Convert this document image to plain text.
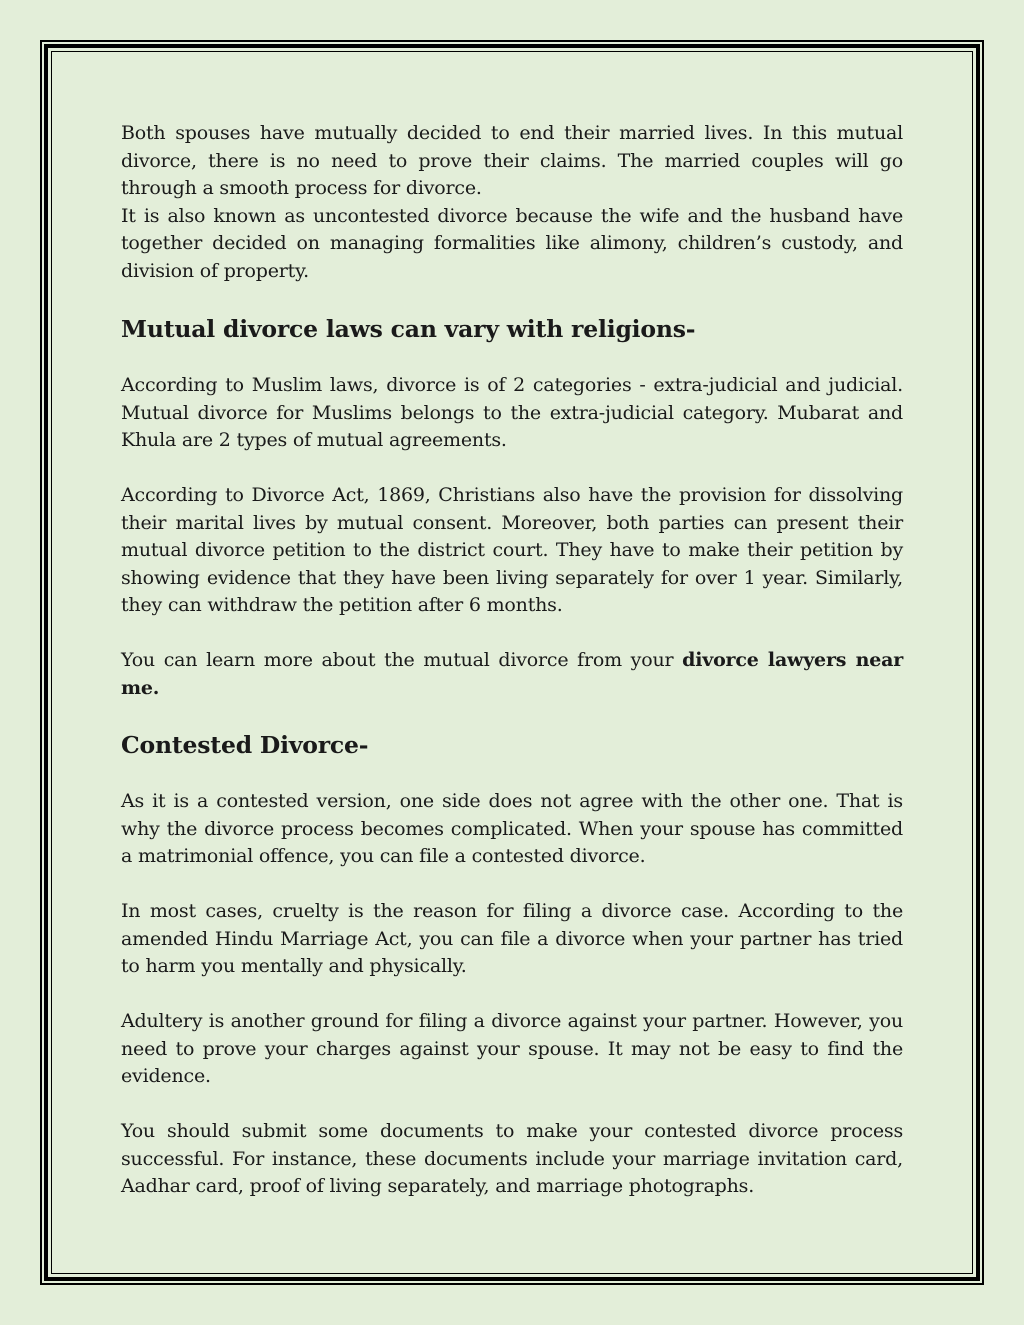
Both spouses have mutually decided to end their married lives. In this mutual divorce, there is no need to prove their claims. The married couples will go through a smooth process for divorce.

It is also known as uncontested divorce because the wife and the husband have together decided on managing formalities like alimony, children’s custody, and division of property.

Mutual divorce laws can vary with religions-

According to Muslim laws, divorce is of 2 categories - extra-judicial and judicial. Mutual divorce for Muslims belongs to the extra-judicial category. Mubarat and Khula are 2 types of mutual agreements.

According to Divorce Act, 1869, Christians also have the provision for dissolving their marital lives by mutual consent. Moreover, both parties can present their mutual divorce petition to the district court. They have to make their petition by showing evidence that they have been living separately for over 1 year. Similarly, they can withdraw the petition after 6 months.

You can learn more about the mutual divorce from your divorce lawyers near me.

Contested Divorce-

As it is a contested version, one side does not agree with the other one. That is why the divorce process becomes complicated. When your spouse has committed a matrimonial offence, you can file a contested divorce.

In most cases, cruelty is the reason for filing a divorce case. According to the amended Hindu Marriage Act, you can file a divorce when your partner has tried to harm you mentally and physically.

Adultery is another ground for filing a divorce against your partner. However, you need to prove your charges against your spouse. It may not be easy to find the evidence.

You should submit some documents to make your contested divorce process successful. For instance, these documents include your marriage invitation card, Aadhar card, proof of living separately, and marriage photographs.
